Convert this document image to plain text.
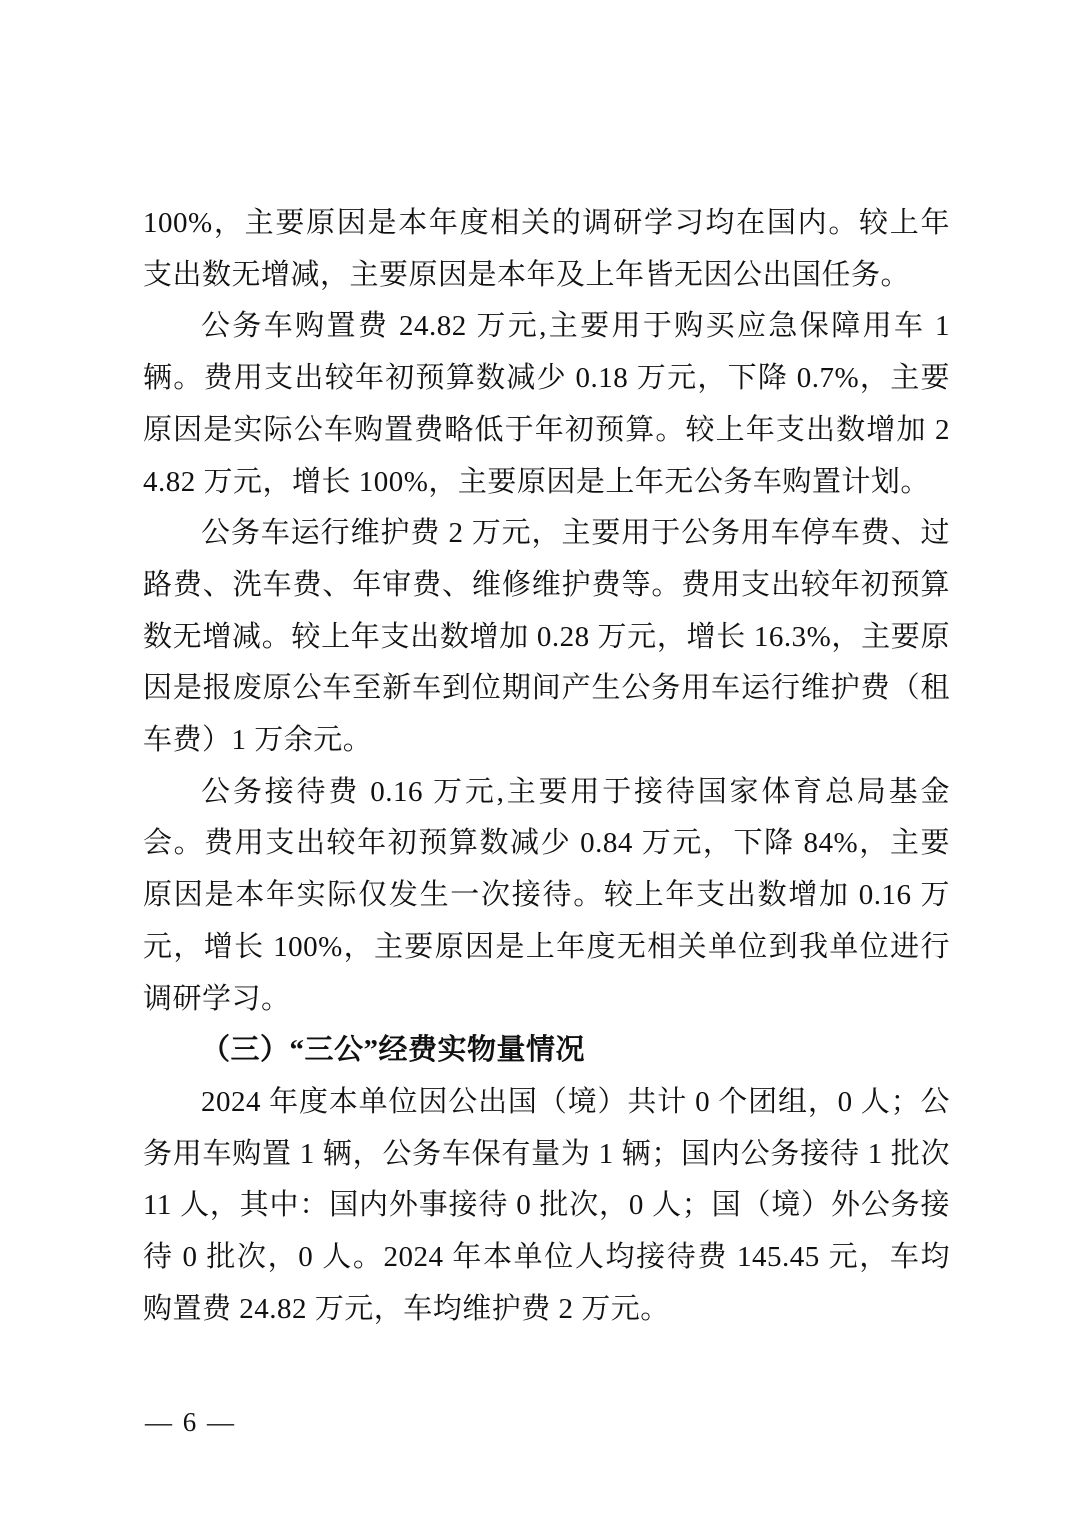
100%，主要原因是本年度相关的调研学习均在国内。较上年支出数无增减，主要原因是本年及上年皆无因公出国任务。

公务车购置费 24.82 万元,主要用于购买应急保障用车 1 辆。费用支出较年初预算数减少 0.18 万元，下降 0.7%，主要原因是实际公车购置费略低于年初预算。较上年支出数增加 24.82 万元，增长 100%，主要原因是上年无公务车购置计划。

公务车运行维护费 2 万元，主要用于公务用车停车费、过路费、洗车费、年审费、维修维护费等。费用支出较年初预算数无增减。较上年支出数增加 0.28 万元，增长 16.3%，主要原因是报废原公车至新车到位期间产生公务用车运行维护费（租车费）1 万余元。

公务接待费 0.16 万元,主要用于接待国家体育总局基金会。费用支出较年初预算数减少 0.84 万元，下降 84%，主要原因是本年实际仅发生一次接待。较上年支出数增加 0.16 万元，增长 100%，主要原因是上年度无相关单位到我单位进行调研学习。

（三）“三公”经费实物量情况

2024 年度本单位因公出国（境）共计 0 个团组，0 人；公务用车购置 1 辆，公务车保有量为 1 辆；国内公务接待 1 批次 11 人，其中：国内外事接待 0 批次，0 人；国（境）外公务接待 0 批次，0 人。2024 年本单位人均接待费 145.45 元，车均购置费 24.82 万元，车均维护费 2 万元。

— 6 —
